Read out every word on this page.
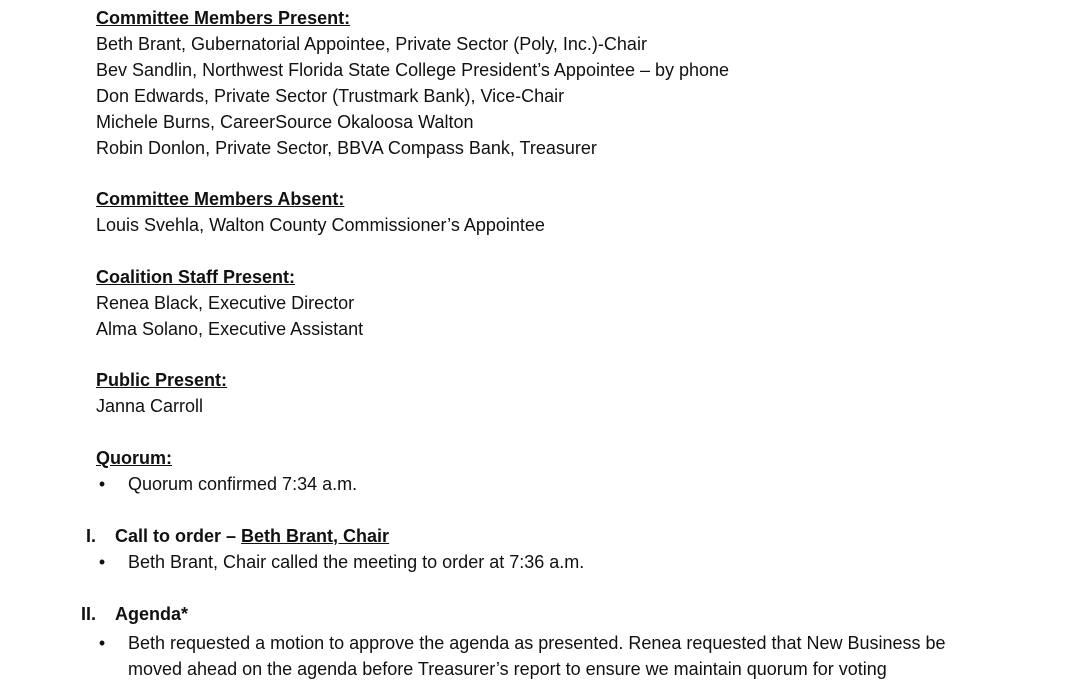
Committee Members Present:
Beth Brant, Gubernatorial Appointee, Private Sector (Poly, Inc.)-Chair
Bev Sandlin, Northwest Florida State College President’s Appointee – by phone
Don Edwards, Private Sector (Trustmark Bank), Vice-Chair
Michele Burns, CareerSource Okaloosa Walton
Robin Donlon, Private Sector, BBVA Compass Bank, Treasurer
Committee Members Absent:
Louis Svehla, Walton County Commissioner’s Appointee
Coalition Staff Present:
Renea Black, Executive Director
Alma Solano, Executive Assistant
Public Present:
Janna Carroll
Quorum:
• Quorum confirmed 7:34 a.m.
I. Call to order – Beth Brant, Chair
• Beth Brant, Chair called the meeting to order at 7:36 a.m.
II. Agenda*
• Beth requested a motion to approve the agenda as presented. Renea requested that New Business be moved ahead on the agenda before Treasurer’s report to ensure we maintain quorum for voting
